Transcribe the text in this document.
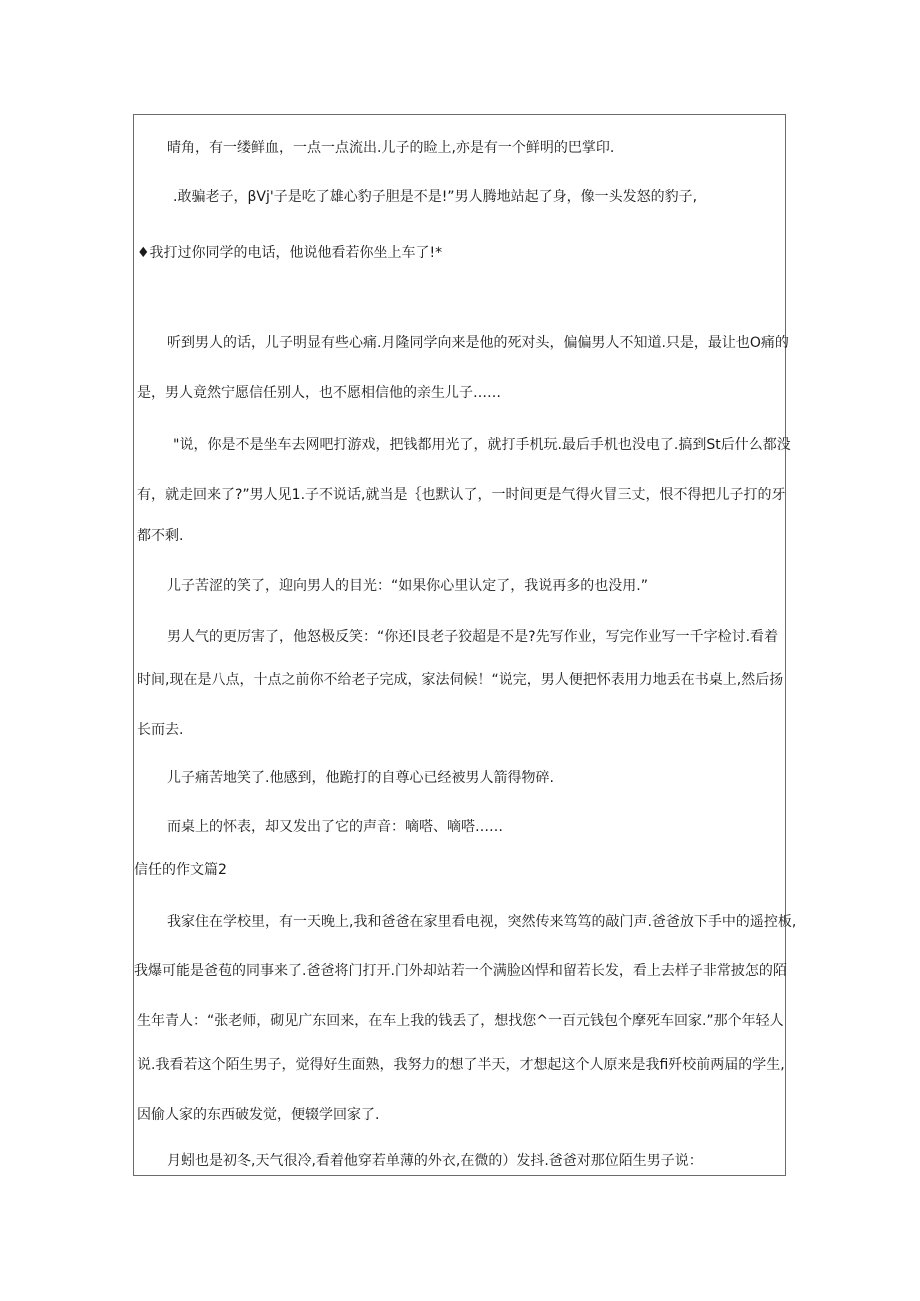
晴角，有一缕鲜血，一点一点流出.儿子的睑上,亦是有一个鲜明的巴掌印.
.敢骗老子，βVj'子是吃了雄心豹子胆是不是!”男人腾地站起了身，像一头发怒的豹子,
♦我打过你同学的电话，他说他看若你坐上车了!*
听到男人的话，儿子明显有些心痛.月隆同学向来是他的死对头，偏偏男人不知道.只是，最让也O痛的
是，男人竟然宁愿信任别人，也不愿相信他的亲生儿子……
"说，你是不是坐车去网吧打游戏，把钱都用光了，就打手机玩.最后手机也没电了.搞到St后什么都没
有，就走回来了?”男人见1.子不说话,就当是｛也默认了，一时间更是气得火冒三丈，恨不得把儿子打的牙
都不剩.
儿子苦涩的笑了，迎向男人的目光：“如果你心里认定了，我说再多的也没用.”
男人气的更厉害了，他怒极反笑：“你还l艮老子狡超是不是?先写作业，写完作业写一千字检讨.看着
时间,现在是八点，十点之前你不给老子完成，家法伺候！“说完，男人便把怀表用力地丢在书桌上,然后扬
长而去.
儿子痛苦地笑了.他感到，他跪打的自尊心已经被男人箭得物碎.
而桌上的怀表，却又发出了它的声音：嘀嗒、嘀嗒……
信任的作文篇2
我家住在学校里，有一天晚上,我和爸爸在家里看电视，突然传来笃笃的敲门声.爸爸放下手中的遥控板,
我爆可能是爸苞的同事来了.爸爸将门打开.门外却站若一个满脸凶悍和留若长发，看上去样子非常披怎的陌
生年青人：“张老师，砌见广东回来，在车上我的钱丢了，想找您^一百元钱包个摩死车回家.”那个年轻人
说.我看若这个陌生男子，觉得好生面熟，我努力的想了半天，才想起这个人原来是我fi歼校前两届的学生,
因偷人家的东西破发觉，便辍学回家了.
月蚓也是初冬,天气很冷,看着他穿若单薄的外衣,在微的）发抖.爸爸对那位陌生男子说：
